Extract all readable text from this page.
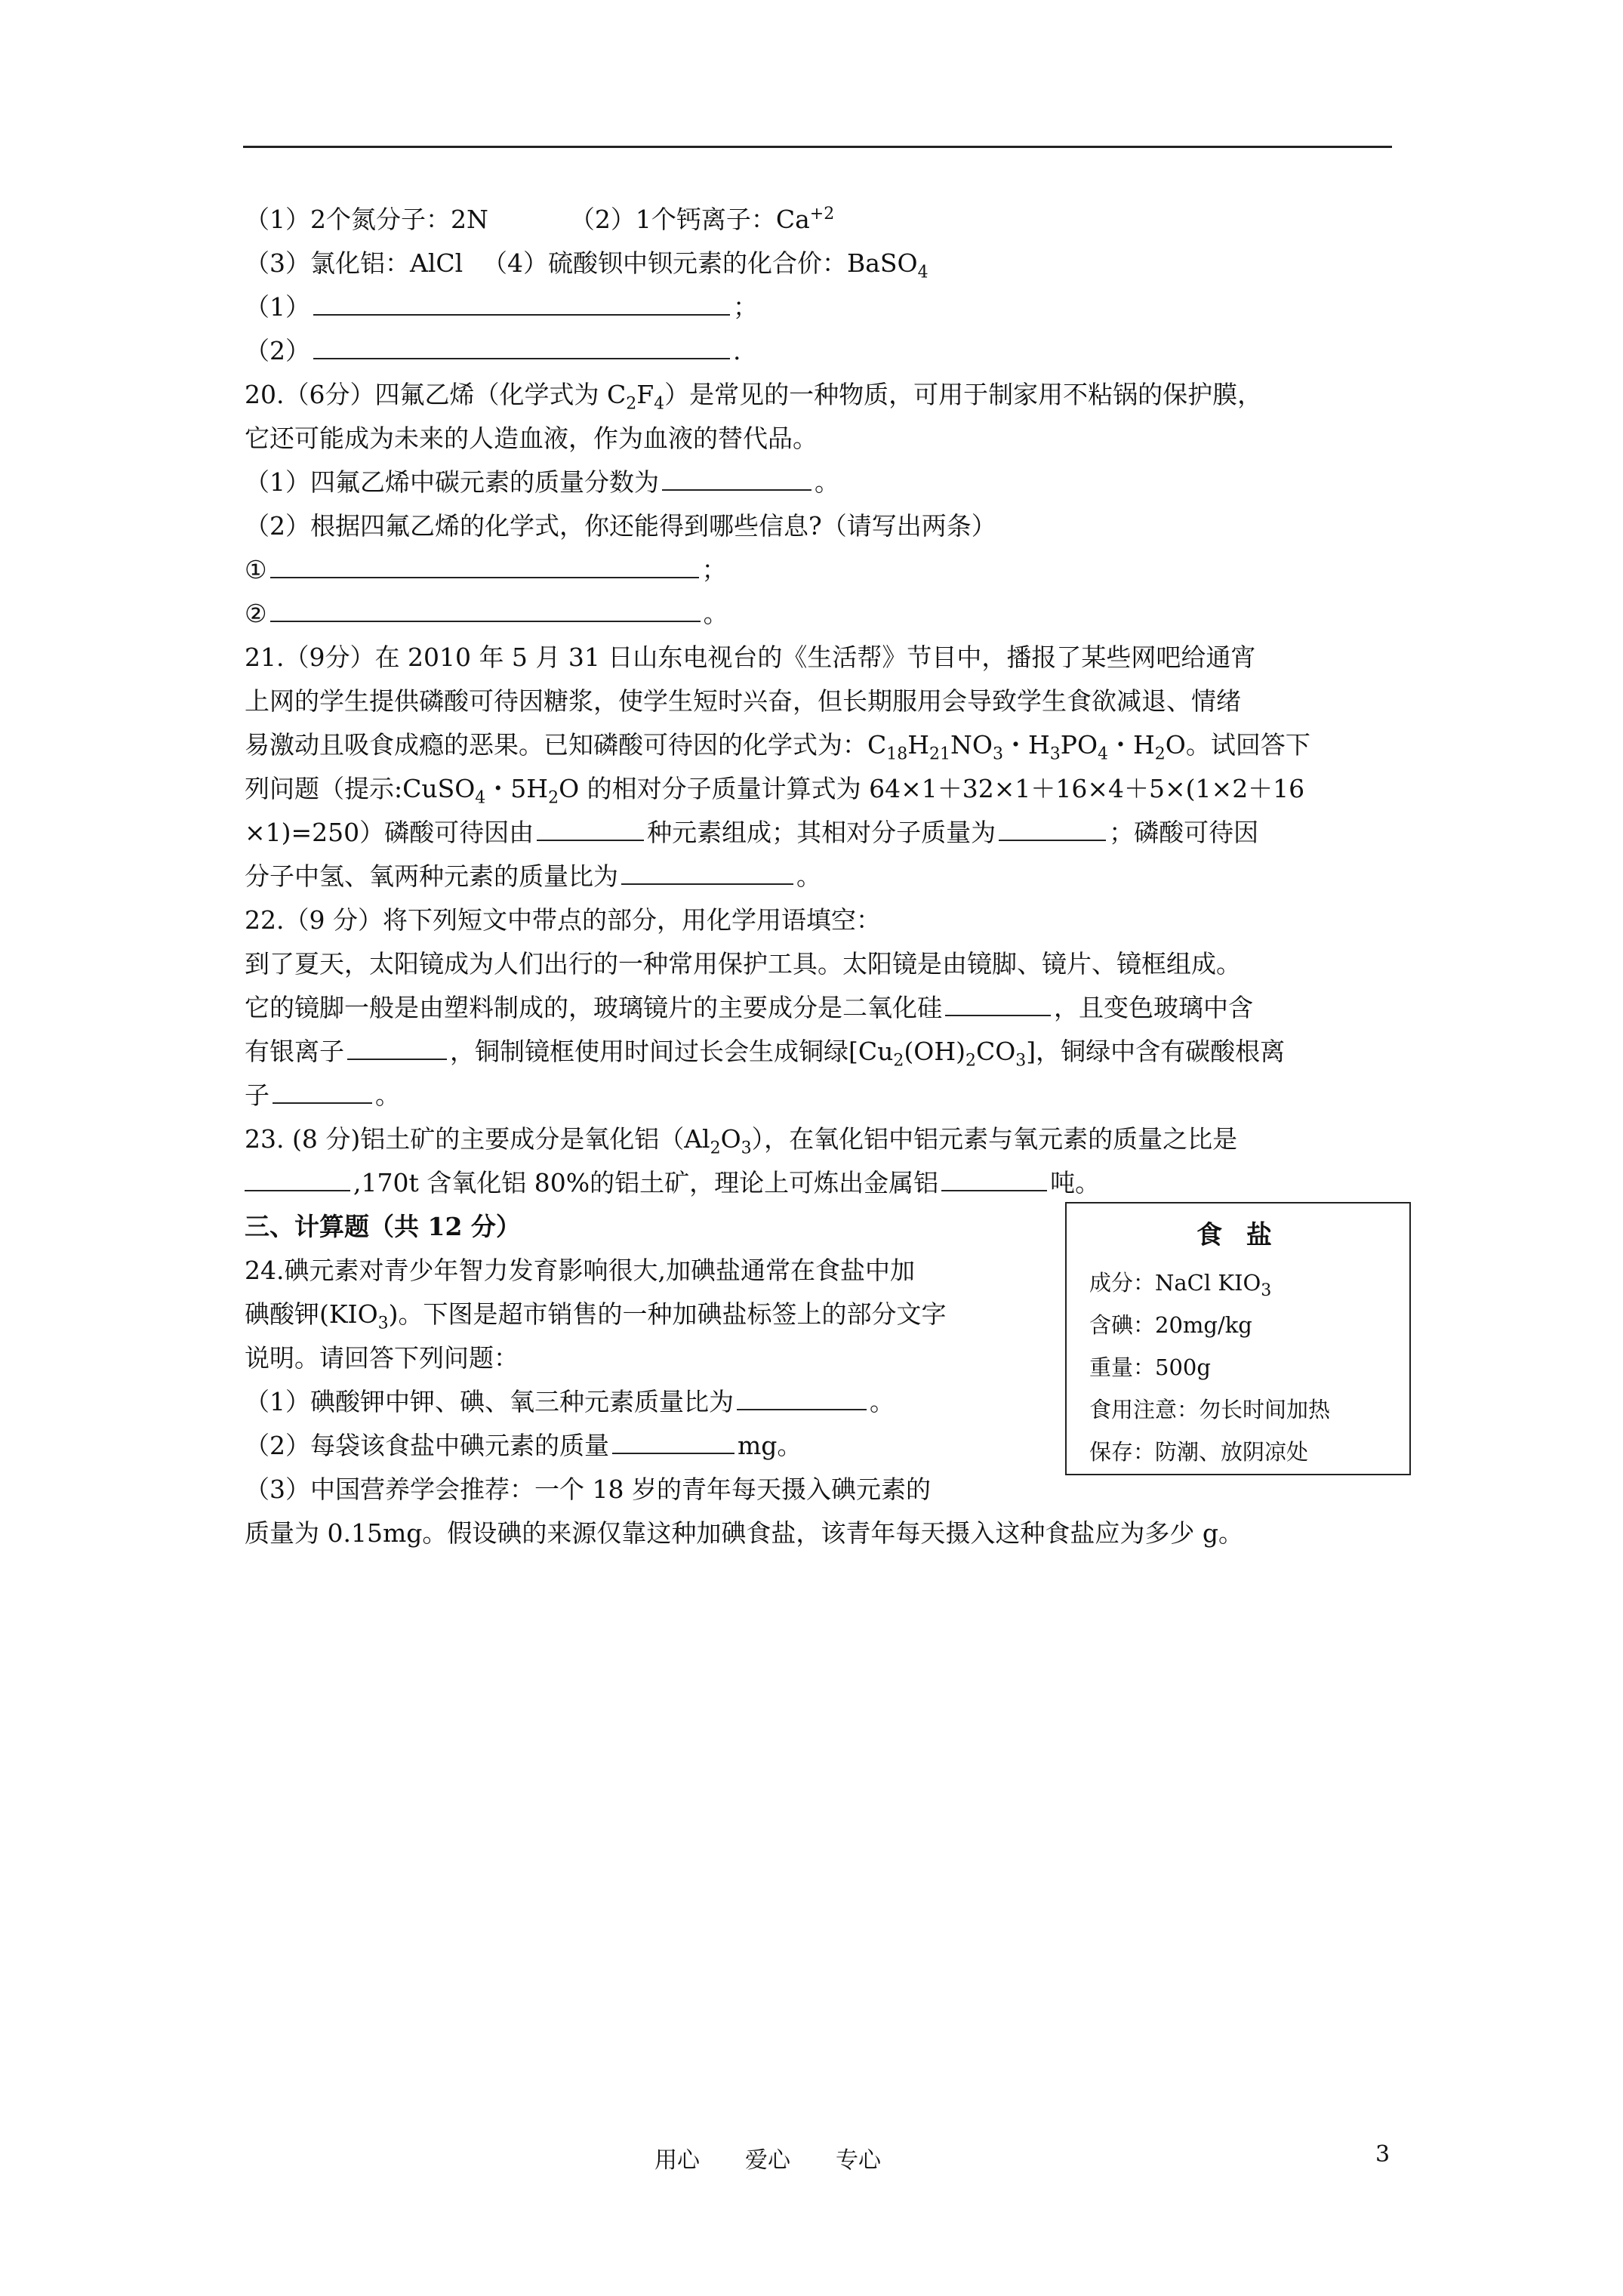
（1）2个氮分子：2N	（2）1个钙离子：$Ca^{+2}$
（3）氯化铝：AlCl （4）硫酸钡中钡元素的化合价：BaSO$_4$
（1）	；
（2）	.
20.（6分）四氟乙烯（化学式为 $C_2F_4$）是常见的一种物质，可用于制家用不粘锅的保护膜，
它还可能成为未来的人造血液，作为血液的替代品。
（1）四氟乙烯中碳元素的质量分数为	。
（2）根据四氟乙烯的化学式，你还能得到哪些信息?（请写出两条）
①	；
②	。
21.（9分）在 2010 年 5 月 31 日山东电视台的《生活帮》节目中，播报了某些网吧给通宵
上网的学生提供磷酸可待因糖浆，使学生短时兴奋，但长期服用会导致学生食欲减退、情绪
易激动且吸食成瘾的恶果。已知磷酸可待因的化学式为：$C_{18}H_{21}NO_3$・$H_3PO_4$・$H_2O$。试回答下
列问题（提示:CuSO$_4$・$5H_2O$ 的相对分子质量计算式为 64×1＋32×1＋16×4＋5×(1×2＋16
×1)=250）磷酸可待因由	种元素组成；其相对分子质量为	；磷酸可待因
分子中氢、氧两种元素的质量比为	。
22.（9 分）将下列短文中带点的部分，用化学用语填空：
到了夏天，太阳镜成为人们出行的一种常用保护工具。太阳镜是由镜脚、镜片、镜框组成。
它的镜脚一般是由塑料制成的，玻璃镜片的主要成分是二氧化硅	，且变色玻璃中含
有银离子	，铜制镜框使用时间过长会生成铜绿$[Cu_2(OH)_2CO_3]$，铜绿中含有碳酸根离
子	。
23. (8 分)铝土矿的主要成分是氧化铝$(Al_2O_3)$，在氧化铝中铝元素与氧元素的质量之比是
,170t 含氧化铝 80%的铝土矿，理论上可炼出金属铝	吨。
三、计算题（共 12 分）
24.碘元素对青少年智力发育影响很大,加碘盐通常在食盐中加
碘酸钾$(KIO_3)$。下图是超市销售的一种加碘盐标签上的部分文字
说明。请回答下列问题：
（1）碘酸钾中钾、碘、氧三种元素质量比为	。
（2）每袋该食盐中碘元素的质量	mg。
（3）中国营养学会推荐：一个 18 岁的青年每天摄入碘元素的
质量为 0.15mg。假设碘的来源仅靠这种加碘食盐，该青年每天摄入这种食盐应为多少 g。
食 盐
成分：NaCl $KIO_3$
含碘：20mg/kg
重量：500g
食用注意：勿长时间加热
保存：防潮、放阴凉处
用心　　爱心　　专心	3
